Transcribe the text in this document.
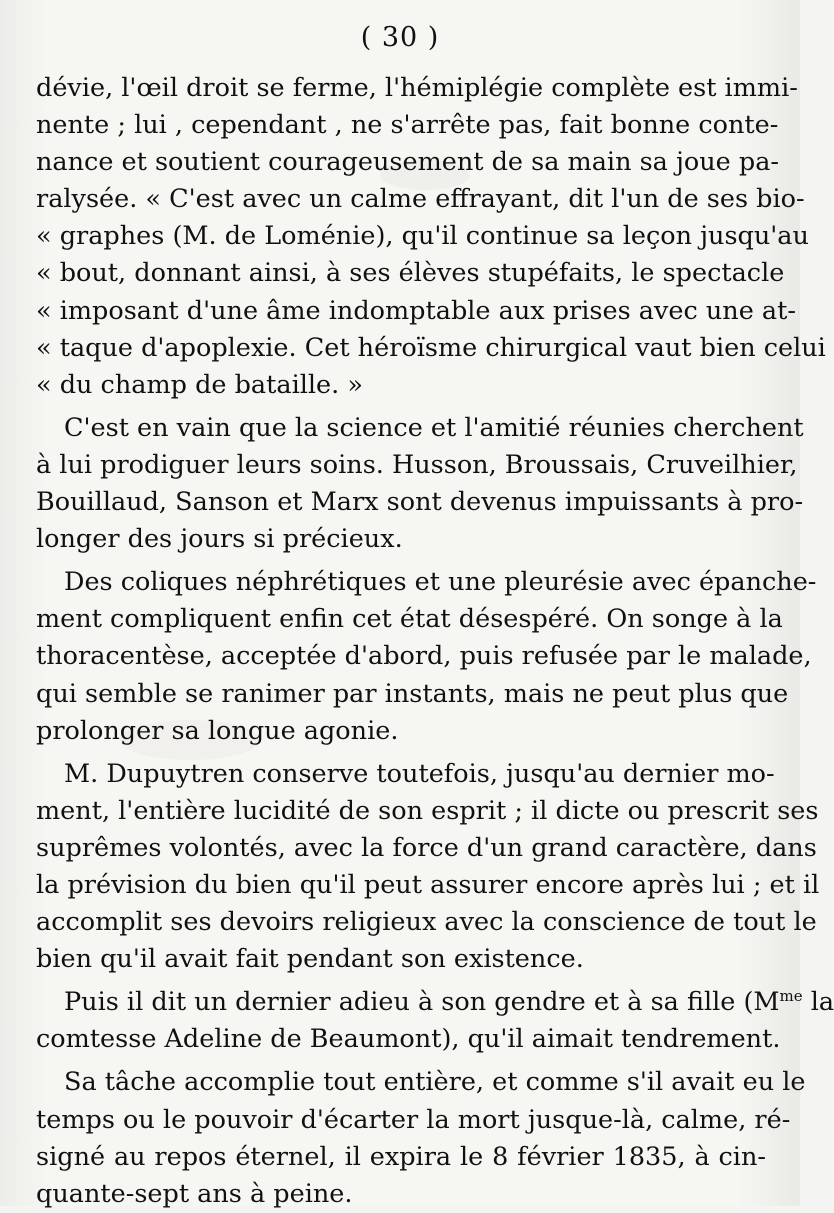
( 30 )
dévie, l'œil droit se ferme, l'hémiplégie complète est immi-
nente ; lui , cependant , ne s'arrête pas, fait bonne conte-
nance et soutient courageusement de sa main sa joue pa-
ralysée. « C'est avec un calme effrayant, dit l'un de ses bio-
« graphes (M. de Loménie), qu'il continue sa leçon jusqu'au
« bout, donnant ainsi, à ses élèves stupéfaits, le spectacle
« imposant d'une âme indomptable aux prises avec une at-
« taque d'apoplexie. Cet héroïsme chirurgical vaut bien celui
« du champ de bataille. »
C'est en vain que la science et l'amitié réunies cherchent
à lui prodiguer leurs soins. Husson, Broussais, Cruveilhier,
Bouillaud, Sanson et Marx sont devenus impuissants à pro-
longer des jours si précieux.
Des coliques néphrétiques et une pleurésie avec épanche-
ment compliquent enfin cet état désespéré. On songe à la
thoracentèse, acceptée d'abord, puis refusée par le malade,
qui semble se ranimer par instants, mais ne peut plus que
prolonger sa longue agonie.
M. Dupuytren conserve toutefois, jusqu'au dernier mo-
ment, l'entière lucidité de son esprit ; il dicte ou prescrit ses
suprêmes volontés, avec la force d'un grand caractère, dans
la prévision du bien qu'il peut assurer encore après lui ; et il
accomplit ses devoirs religieux avec la conscience de tout le
bien qu'il avait fait pendant son existence.
Puis il dit un dernier adieu à son gendre et à sa fille ($M^{me}$ la
comtesse Adeline de Beaumont), qu'il aimait tendrement.
Sa tâche accomplie tout entière, et comme s'il avait eu le
temps ou le pouvoir d'écarter la mort jusque-là, calme, ré-
signé au repos éternel, il expira le 8 février 1835, à cin-
quante-sept ans à peine.
